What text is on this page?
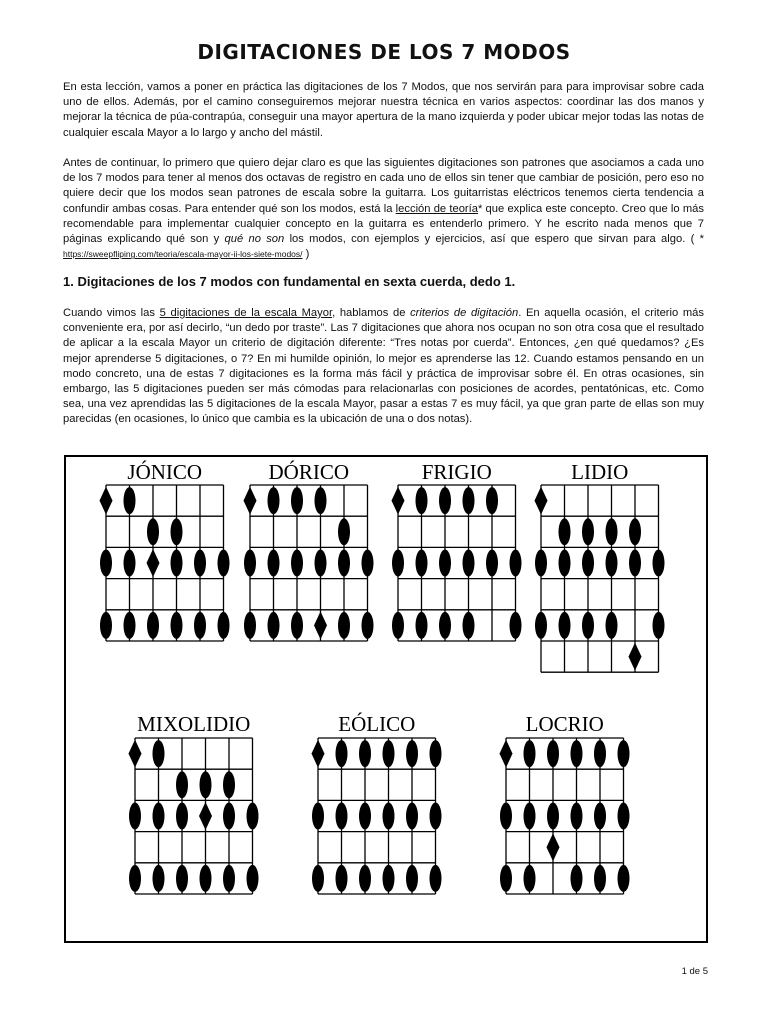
DIGITACIONES DE LOS 7 MODOS

En esta lección, vamos a poner en práctica las digitaciones de los 7 Modos, que nos servirán para para improvisar sobre cada uno de ellos. Además, por el camino conseguiremos mejorar nuestra técnica en varios aspectos: coordinar las dos manos y mejorar la técnica de púa-contrapúa, conseguir una mayor apertura de la mano izquierda y poder ubicar mejor todas las notas de cualquier escala Mayor a lo largo y ancho del mástil.

Antes de continuar, lo primero que quiero dejar claro es que las siguientes digitaciones son patrones que asociamos a cada uno de los 7 modos para tener al menos dos octavas de registro en cada uno de ellos sin tener que cambiar de posición, pero eso no quiere decir que los modos sean patrones de escala sobre la guitarra. Los guitarristas eléctricos tenemos cierta tendencia a confundir ambas cosas. Para entender qué son los modos, está la lección de teoría* que explica este concepto. Creo que lo más recomendable para implementar cualquier concepto en la guitarra es entenderlo primero. Y he escrito nada menos que 7 páginas explicando qué son y qué no son los modos, con ejemplos y ejercicios, así que espero que sirvan para algo. ( * https://sweepfliping.com/teoria/escala-mayor-ii-los-siete-modos/ )

1. Digitaciones de los 7 modos con fundamental en sexta cuerda, dedo 1.

Cuando vimos las 5 digitaciones de la escala Mayor, hablamos de criterios de digitación. En aquella ocasión, el criterio más conveniente era, por así decirlo, “un dedo por traste”. Las 7 digitaciones que ahora nos ocupan no son otra cosa que el resultado de aplicar a la escala Mayor un criterio de digitación diferente: “Tres notas por cuerda”. Entonces, ¿en qué quedamos? ¿Es mejor aprenderse 5 digitaciones, o 7? En mi humilde opinión, lo mejor es aprenderse las 12. Cuando estamos pensando en un modo concreto, una de estas 7 digitaciones es la forma más fácil y práctica de improvisar sobre él. En otras ocasiones, sin embargo, las 5 digitaciones pueden ser más cómodas para relacionarlas con posiciones de acordes, pentatónicas, etc. Como sea, una vez aprendidas las 5 digitaciones de la escala Mayor, pasar a estas 7 es muy fácil, ya que gran parte de ellas son muy parecidas (en ocasiones, lo único que cambia es la ubicación de una o dos notas).

JÓNICO	DÓRICO	FRIGIO	LIDIO
MIXOLIDIO	EÓLICO	LOCRIO
1 de 5
